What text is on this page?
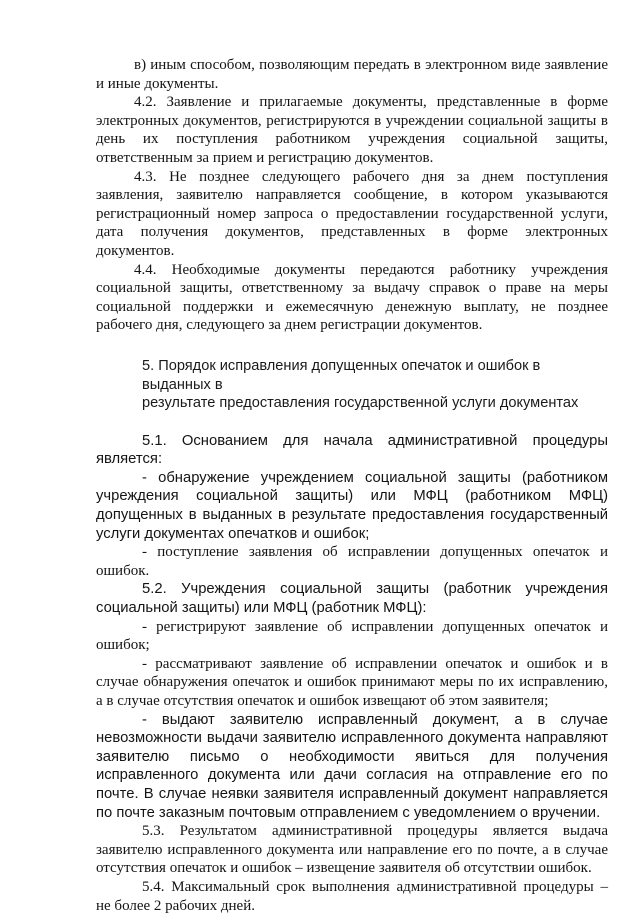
в) иным способом, позволяющим передать в электронном виде заявление и иные документы.

4.2. Заявление и прилагаемые документы, представленные в форме электронных документов, регистрируются в учреждении социальной защиты в день их поступления работником учреждения социальной защиты, ответственным за прием и регистрацию документов.

4.3. Не позднее следующего рабочего дня за днем поступления заявления, заявителю направляется сообщение, в котором указываются регистрационный номер запроса о предоставлении государственной услуги, дата получения документов, представленных в форме электронных документов.

4.4. Необходимые документы передаются работнику учреждения социальной защиты, ответственному за выдачу справок о праве на меры социальной поддержки и ежемесячную денежную выплату, не позднее рабочего дня, следующего за днем регистрации документов.

5. Порядок исправления допущенных опечаток и ошибок в выданных в
результате предоставления государственной услуги документах

5.1. Основанием для начала административной процедуры является:

- обнаружение учреждением социальной защиты (работником учреждения социальной защиты) или МФЦ (работником МФЦ) допущенных в выданных в результате предоставления государственный услуги документах опечатков и ошибок;

- поступление заявления об исправлении допущенных опечаток и ошибок.

5.2. Учреждения социальной защиты (работник учреждения социальной защиты) или МФЦ (работник МФЦ):

- регистрируют заявление об исправлении допущенных опечаток и ошибок;

- рассматривают заявление об исправлении опечаток и ошибок и в случае обнаружения опечаток и ошибок принимают меры по их исправлению, а в случае отсутствия опечаток и ошибок извещают об этом заявителя;

- выдают заявителю исправленный документ, а в случае невозможности выдачи заявителю исправленного документа направляют заявителю письмо о необходимости явиться для получения исправленного документа или дачи согласия на отправление его по почте. В случае неявки заявителя исправленный документ направляется по почте заказным почтовым отправлением с уведомлением о вручении.

5.3. Результатом административной процедуры является выдача заявителю исправленного документа или направление его по почте, а в случае отсутствия опечаток и ошибок – извещение заявителя об отсутствии ошибок.

5.4. Максимальный срок выполнения административной процедуры – не более 2 рабочих дней.
